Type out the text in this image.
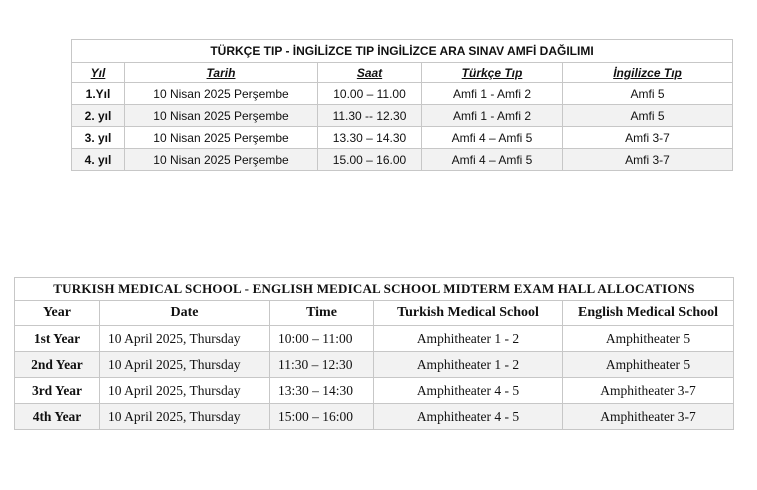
TÜRKÇE TIP - İNGİLİZCE TIP İNGİLİZCE ARA SINAV AMFİ DAĞILIMI				
Yıl	Tarih	Saat	Türkçe Tıp	İngilizce Tıp
1.Yıl	10 Nisan 2025 Perşembe	10.00 – 11.00	Amfi 1 - Amfi 2	Amfi 5
2. yıl	10 Nisan 2025 Perşembe	11.30 -- 12.30	Amfi 1 - Amfi 2	Amfi 5
3. yıl	10 Nisan 2025 Perşembe	13.30 – 14.30	Amfi 4 – Amfi 5	Amfi 3-7
4. yıl	10 Nisan 2025 Perşembe	15.00 – 16.00	Amfi 4 – Amfi 5	Amfi 3-7
TURKISH MEDICAL SCHOOL - ENGLISH MEDICAL SCHOOL MIDTERM EXAM HALL ALLOCATIONS				
Year	Date	Time	Turkish Medical School	English Medical School
1st Year	10 April 2025, Thursday	10:00 – 11:00	Amphitheater 1 - 2	Amphitheater 5
2nd Year	10 April 2025, Thursday	11:30 – 12:30	Amphitheater 1 - 2	Amphitheater 5
3rd Year	10 April 2025, Thursday	13:30 – 14:30	Amphitheater 4 - 5	Amphitheater 3-7
4th Year	10 April 2025, Thursday	15:00 – 16:00	Amphitheater 4 - 5	Amphitheater 3-7
